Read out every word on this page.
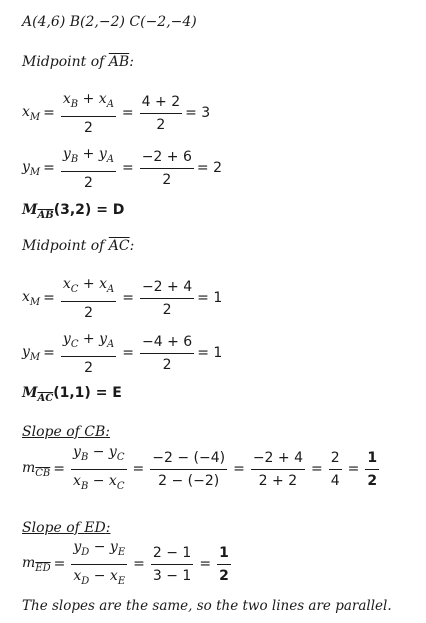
A(4,6) B(2,−2) C(−2,−4)
Midpoint of $\overline{AB}$:
$x_M = \frac{x_B + x_A}{2} = \frac{4 + 2}{2} = 3$
$y_M = \frac{y_B + y_A}{2} = \frac{-2 + 6}{2} = 2$
$M_{\overline{AB}}(3,2) = D$
Midpoint of $\overline{AC}$:
$x_M = \frac{x_C + x_A}{2} = \frac{-2 + 4}{2} = 1$
$y_M = \frac{y_C + y_A}{2} = \frac{-4 + 6}{2} = 1$
$M_{\overline{AC}}(1,1) = E$
Slope of CB:
$m_{\overline{CB}} = \frac{y_B - y_C}{x_B - x_C} = \frac{-2 - (-4)}{2 - (-2)} = \frac{-2 + 4}{2 + 2} = \frac{2}{4} = \frac{1}{2}$
Slope of ED:
$m_{\overline{ED}} = \frac{y_D - y_E}{x_D - x_E} = \frac{2 - 1}{3 - 1} = \frac{1}{2}$
The slopes are the same, so the two lines are parallel.
